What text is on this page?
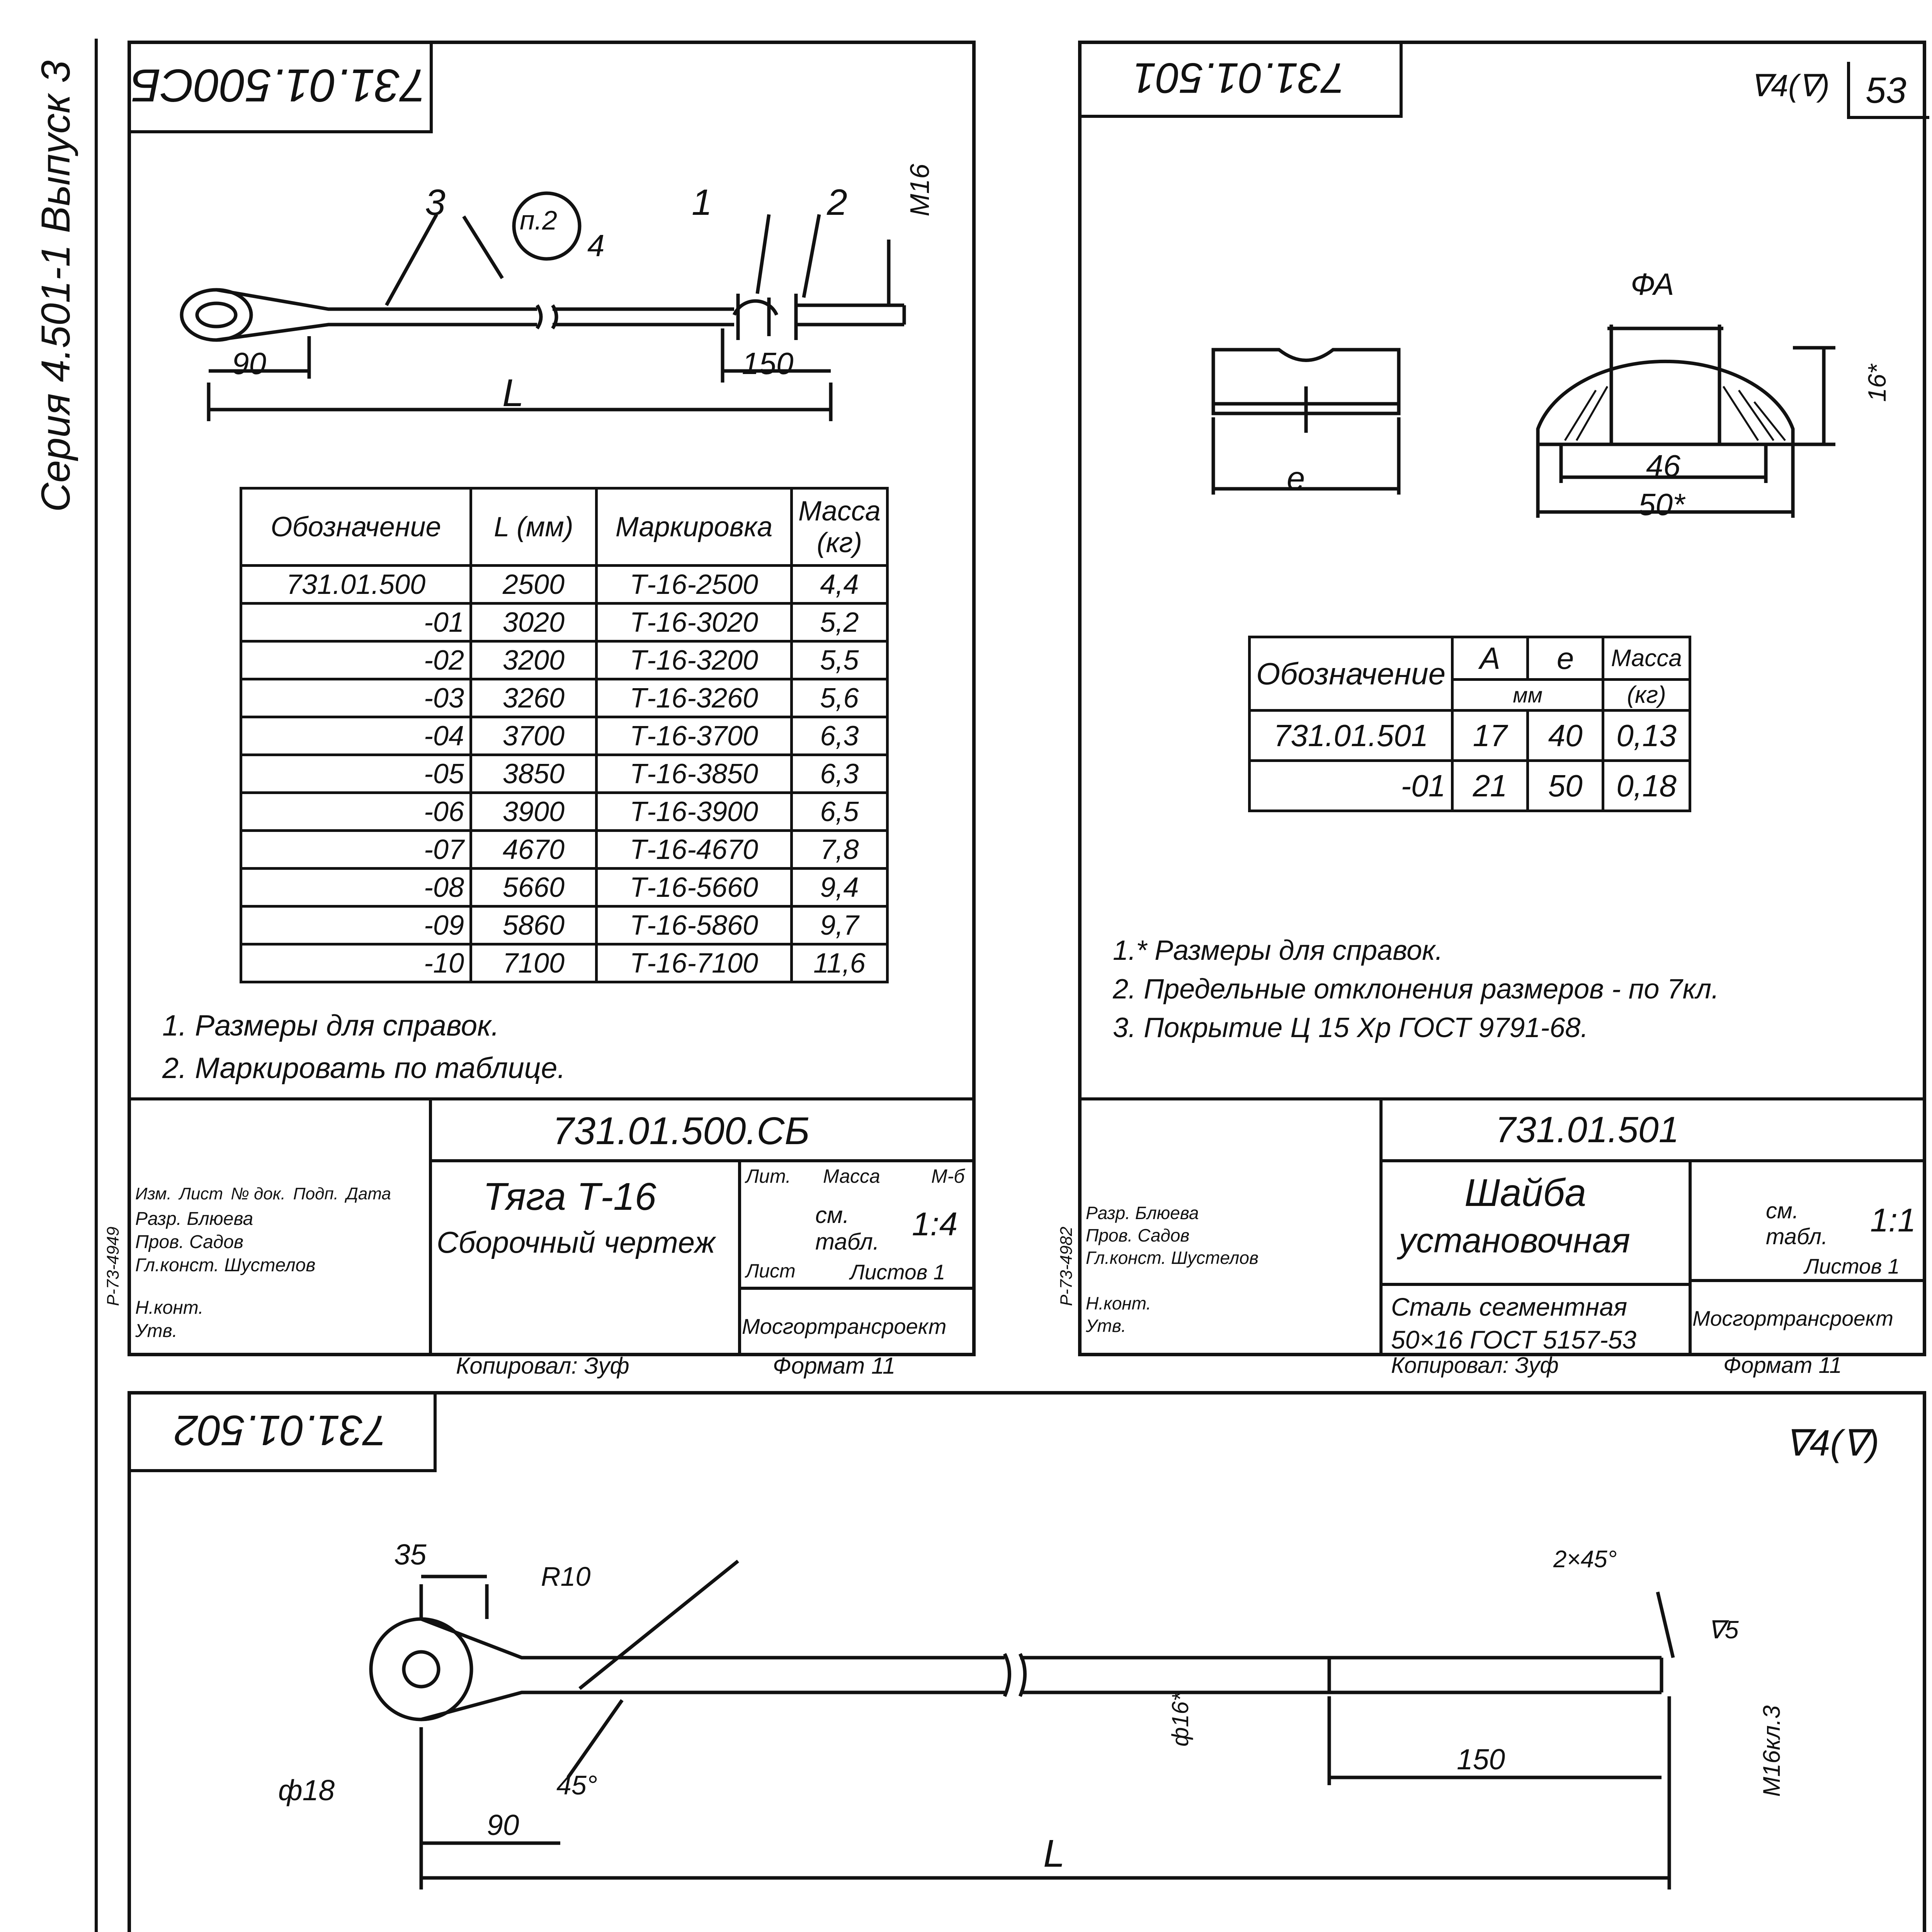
Серия 4.501-1 Выпуск 3 731.01.500СБ
3	п.2
4
1	2 М16
90	150
L
Обозначение	L (мм)	Маркировка	Масса (кг)
731.01.500	2500	Т-16-2500	4,4
-01	3020	Т-16-3020	5,2
-02	3200	Т-16-3200	5,5
-03	3260	Т-16-3260	5,6
-04	3700	Т-16-3700	6,3
-05	3850	Т-16-3850	6,3
-06	3900	Т-16-3900	6,5
-07	4670	Т-16-4670	7,8
-08	5660	Т-16-5660	9,4
-09	5860	Т-16-5860	9,7
-10	7100	Т-16-7100	11,6
1. Размеры для справок.
2. Маркировать по таблице.
731.01.500.СБ
Тяга Т-16
Сборочный чертеж
Масса	М-б
Лит.
см. табл. 1:4
Лист	Листов 1
Мосгортрансроект
Изм. Лист № док. Подп. Дата
Разр. Блюева
Пров. Садов
Гл.конст. Шустелов
Н.конт.
Утв.
Копировал: Зуф	Формат 11
731.01.501	∇4(∇) 53
ФА
e	46
50*
16*
Обозначение	А	е	Масса
	мм		(кг)
731.01.501	17	40	0,13
-01	21	50	0,18
1.* Размеры для справок.
2. Предельные отклонения размеров - по 7кл.
3. Покрытие Ц 15 Хр ГОСТ 9791-68.
731.01.501
Шайба
установочная
Сталь сегментная 50×16 ГОСТ 5157-53
см. табл.	1:1
Листов 1
Мосгортрансроект
Разр. Блюева
Пров. Садов
Гл.конст. Шустелов
Н.конт.
Утв.
Копировал: Зуф	Формат 11
731.01.502	∇4(∇)
35
R10
ф18	45°
90
L
2×45°
∇5
150
ф16*	М16кл.3

Р-73-4949	Р-73-4982
